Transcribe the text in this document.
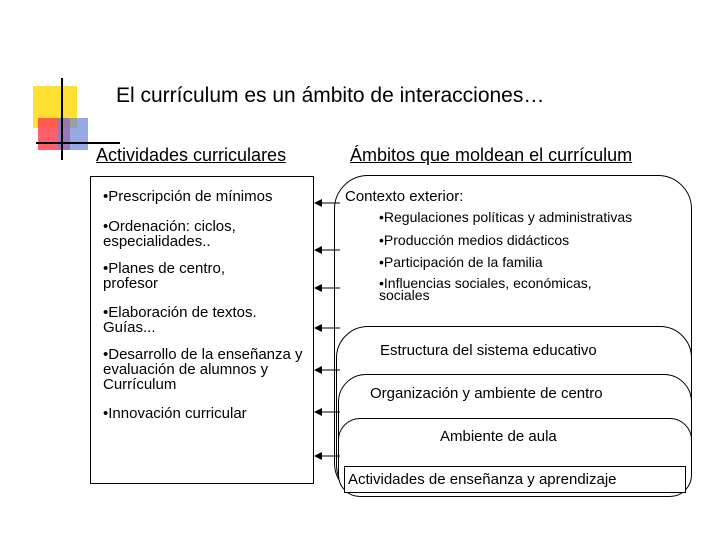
El currículum es un ámbito de interacciones…
Actividades curriculares	Ámbitos que moldean el currículum
•Prescripción de mínimos
•Ordenación: ciclos, especialidades..
•Planes de centro, profesor
•Elaboración de textos. Guías...
•Desarrollo de la enseñanza y evaluación de alumnos y Currículum
•Innovación curricular
Contexto exterior:
•Regulaciones políticas y administrativas
•Producción medios didácticos
•Participación de la familia
•Influencias sociales, económicas, sociales
Estructura del sistema educativo
Organización y ambiente de centro
Ambiente de aula
Actividades de enseñanza y aprendizaje
